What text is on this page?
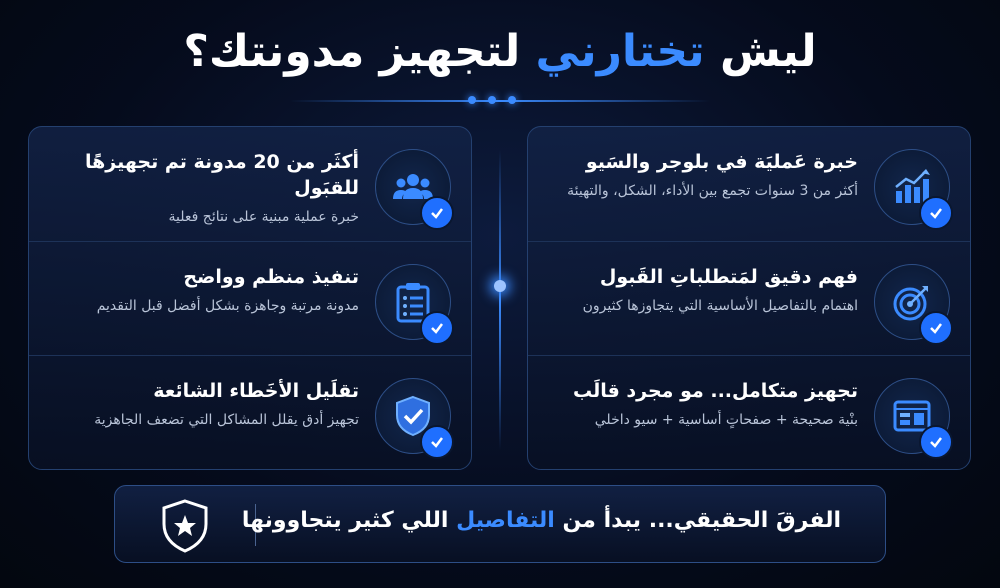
ليش تختارني لتجهيز مدونتك؟
خبرة عَمليَة في بلوجر والسَيو
أكثر من 3 سنوات تجمع بين الأداء، الشكل، والتهيئة
فهم دقيق لمَتطلباتِ القَبول
اهتمام بالتفاصيل الأساسية التي يتجاوزها كثيرون
تجهيز متكامل... مو مجرد قالَب
بنْية صحيحة + صفحاتٍ أساسية + سيو داخلي
أكثَر من 20 مدونة تم تجهيزهًا للقبَول
خبرة عملية مبنية على نتائج فعلية
تنفيذ منظم وواضح
مدونة مرتبة وجاهزة بشكل أفضل قبل التقديم
تقلَيل الأخَطاء الشائعة
تجهيز أدق يقلل المشاكل التي تضعف الجاهزية
الفرقَ الحقيقي... يبدأ من التفاصيل اللي كثير يتجاوونها
